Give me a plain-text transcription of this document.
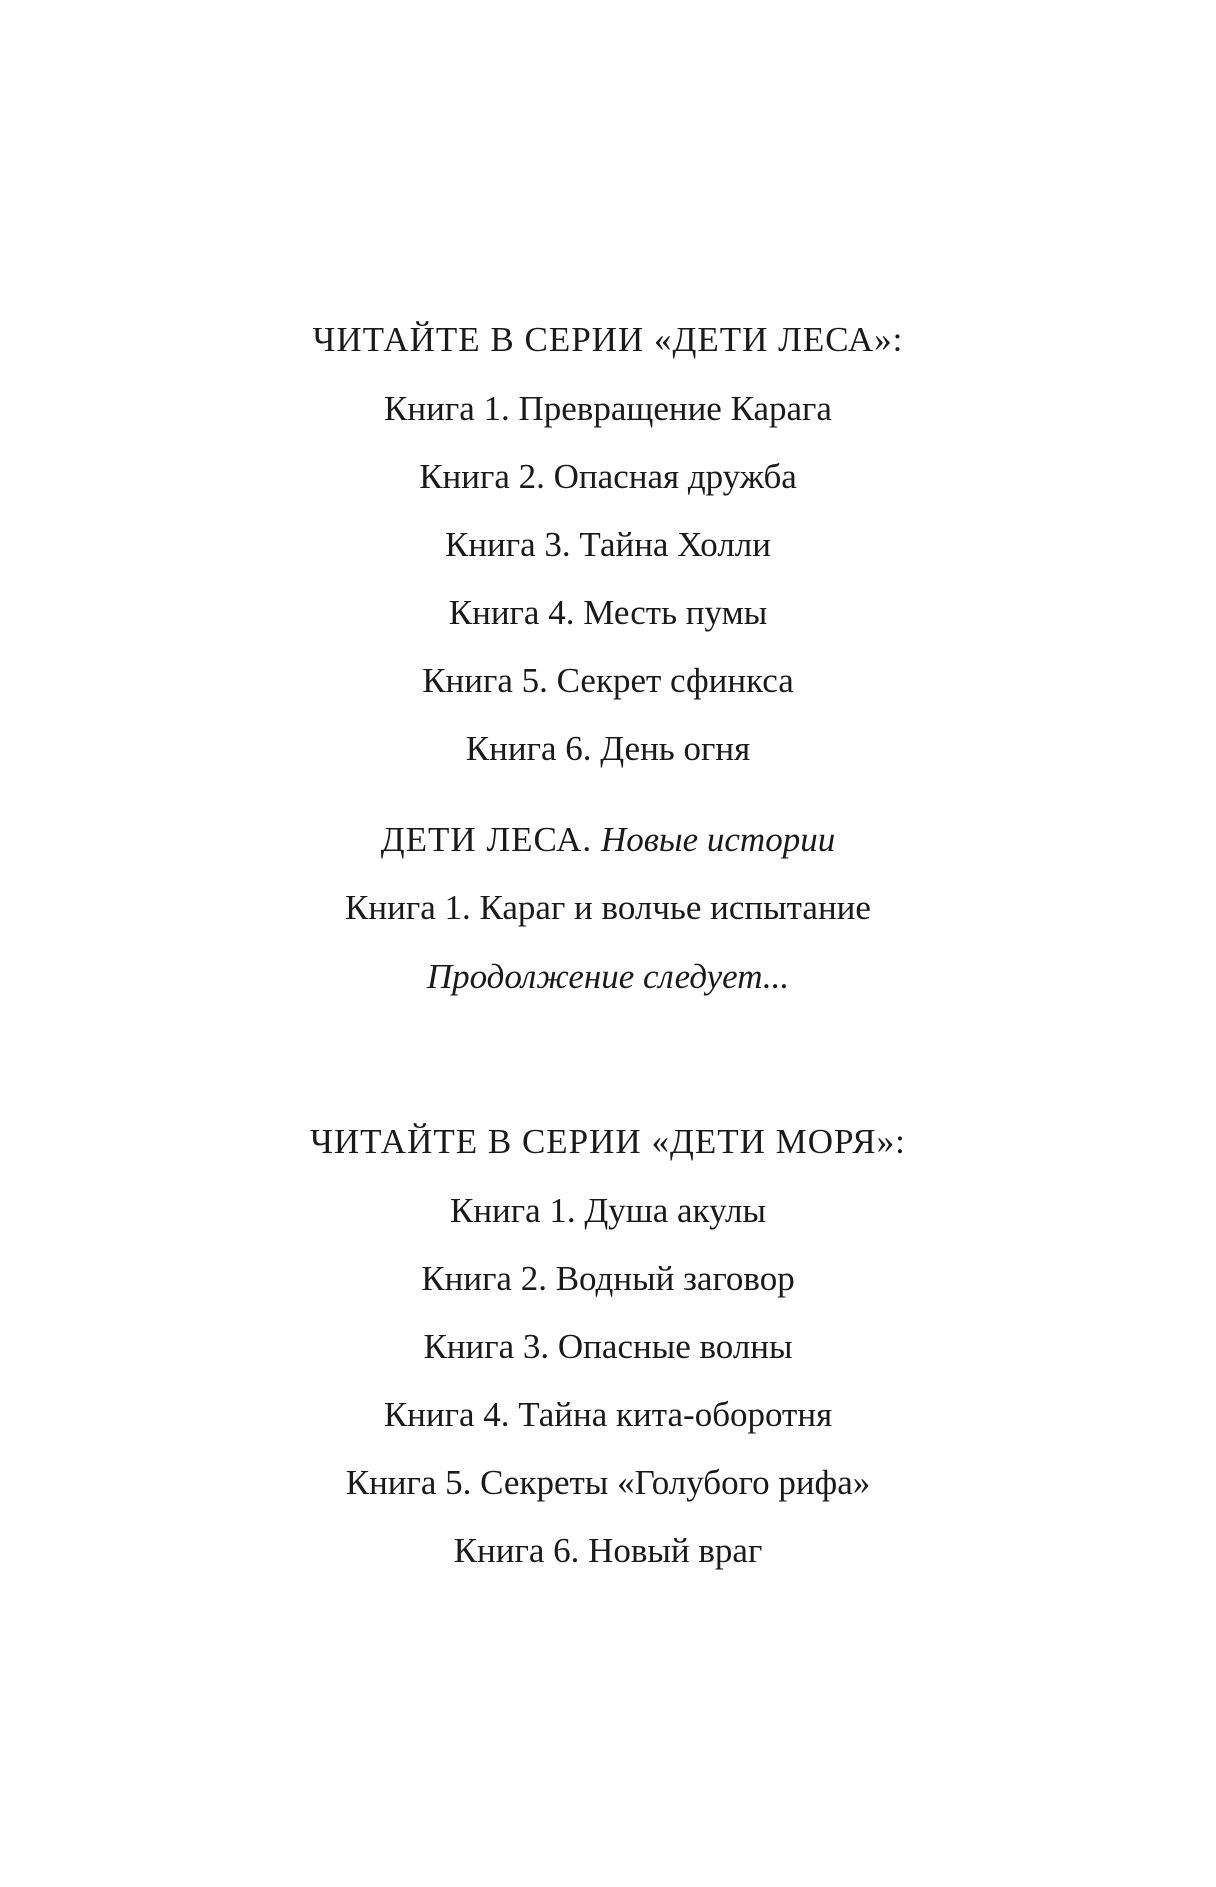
ЧИТАЙТЕ В СЕРИИ «ДЕТИ ЛЕСА»:
Книга 1. Превращение Карага
Книга 2. Опасная дружба
Книга 3. Тайна Холли
Книга 4. Месть пумы
Книга 5. Секрет сфинкса
Книга 6. День огня
ДЕТИ ЛЕСА. Новые истории
Книга 1. Караг и волчье испытание
Продолжение следует...
ЧИТАЙТЕ В СЕРИИ «ДЕТИ МОРЯ»:
Книга 1. Душа акулы
Книга 2. Водный заговор
Книга 3. Опасные волны
Книга 4. Тайна кита-оборотня
Книга 5. Секреты «Голубого рифа»
Книга 6. Новый враг
